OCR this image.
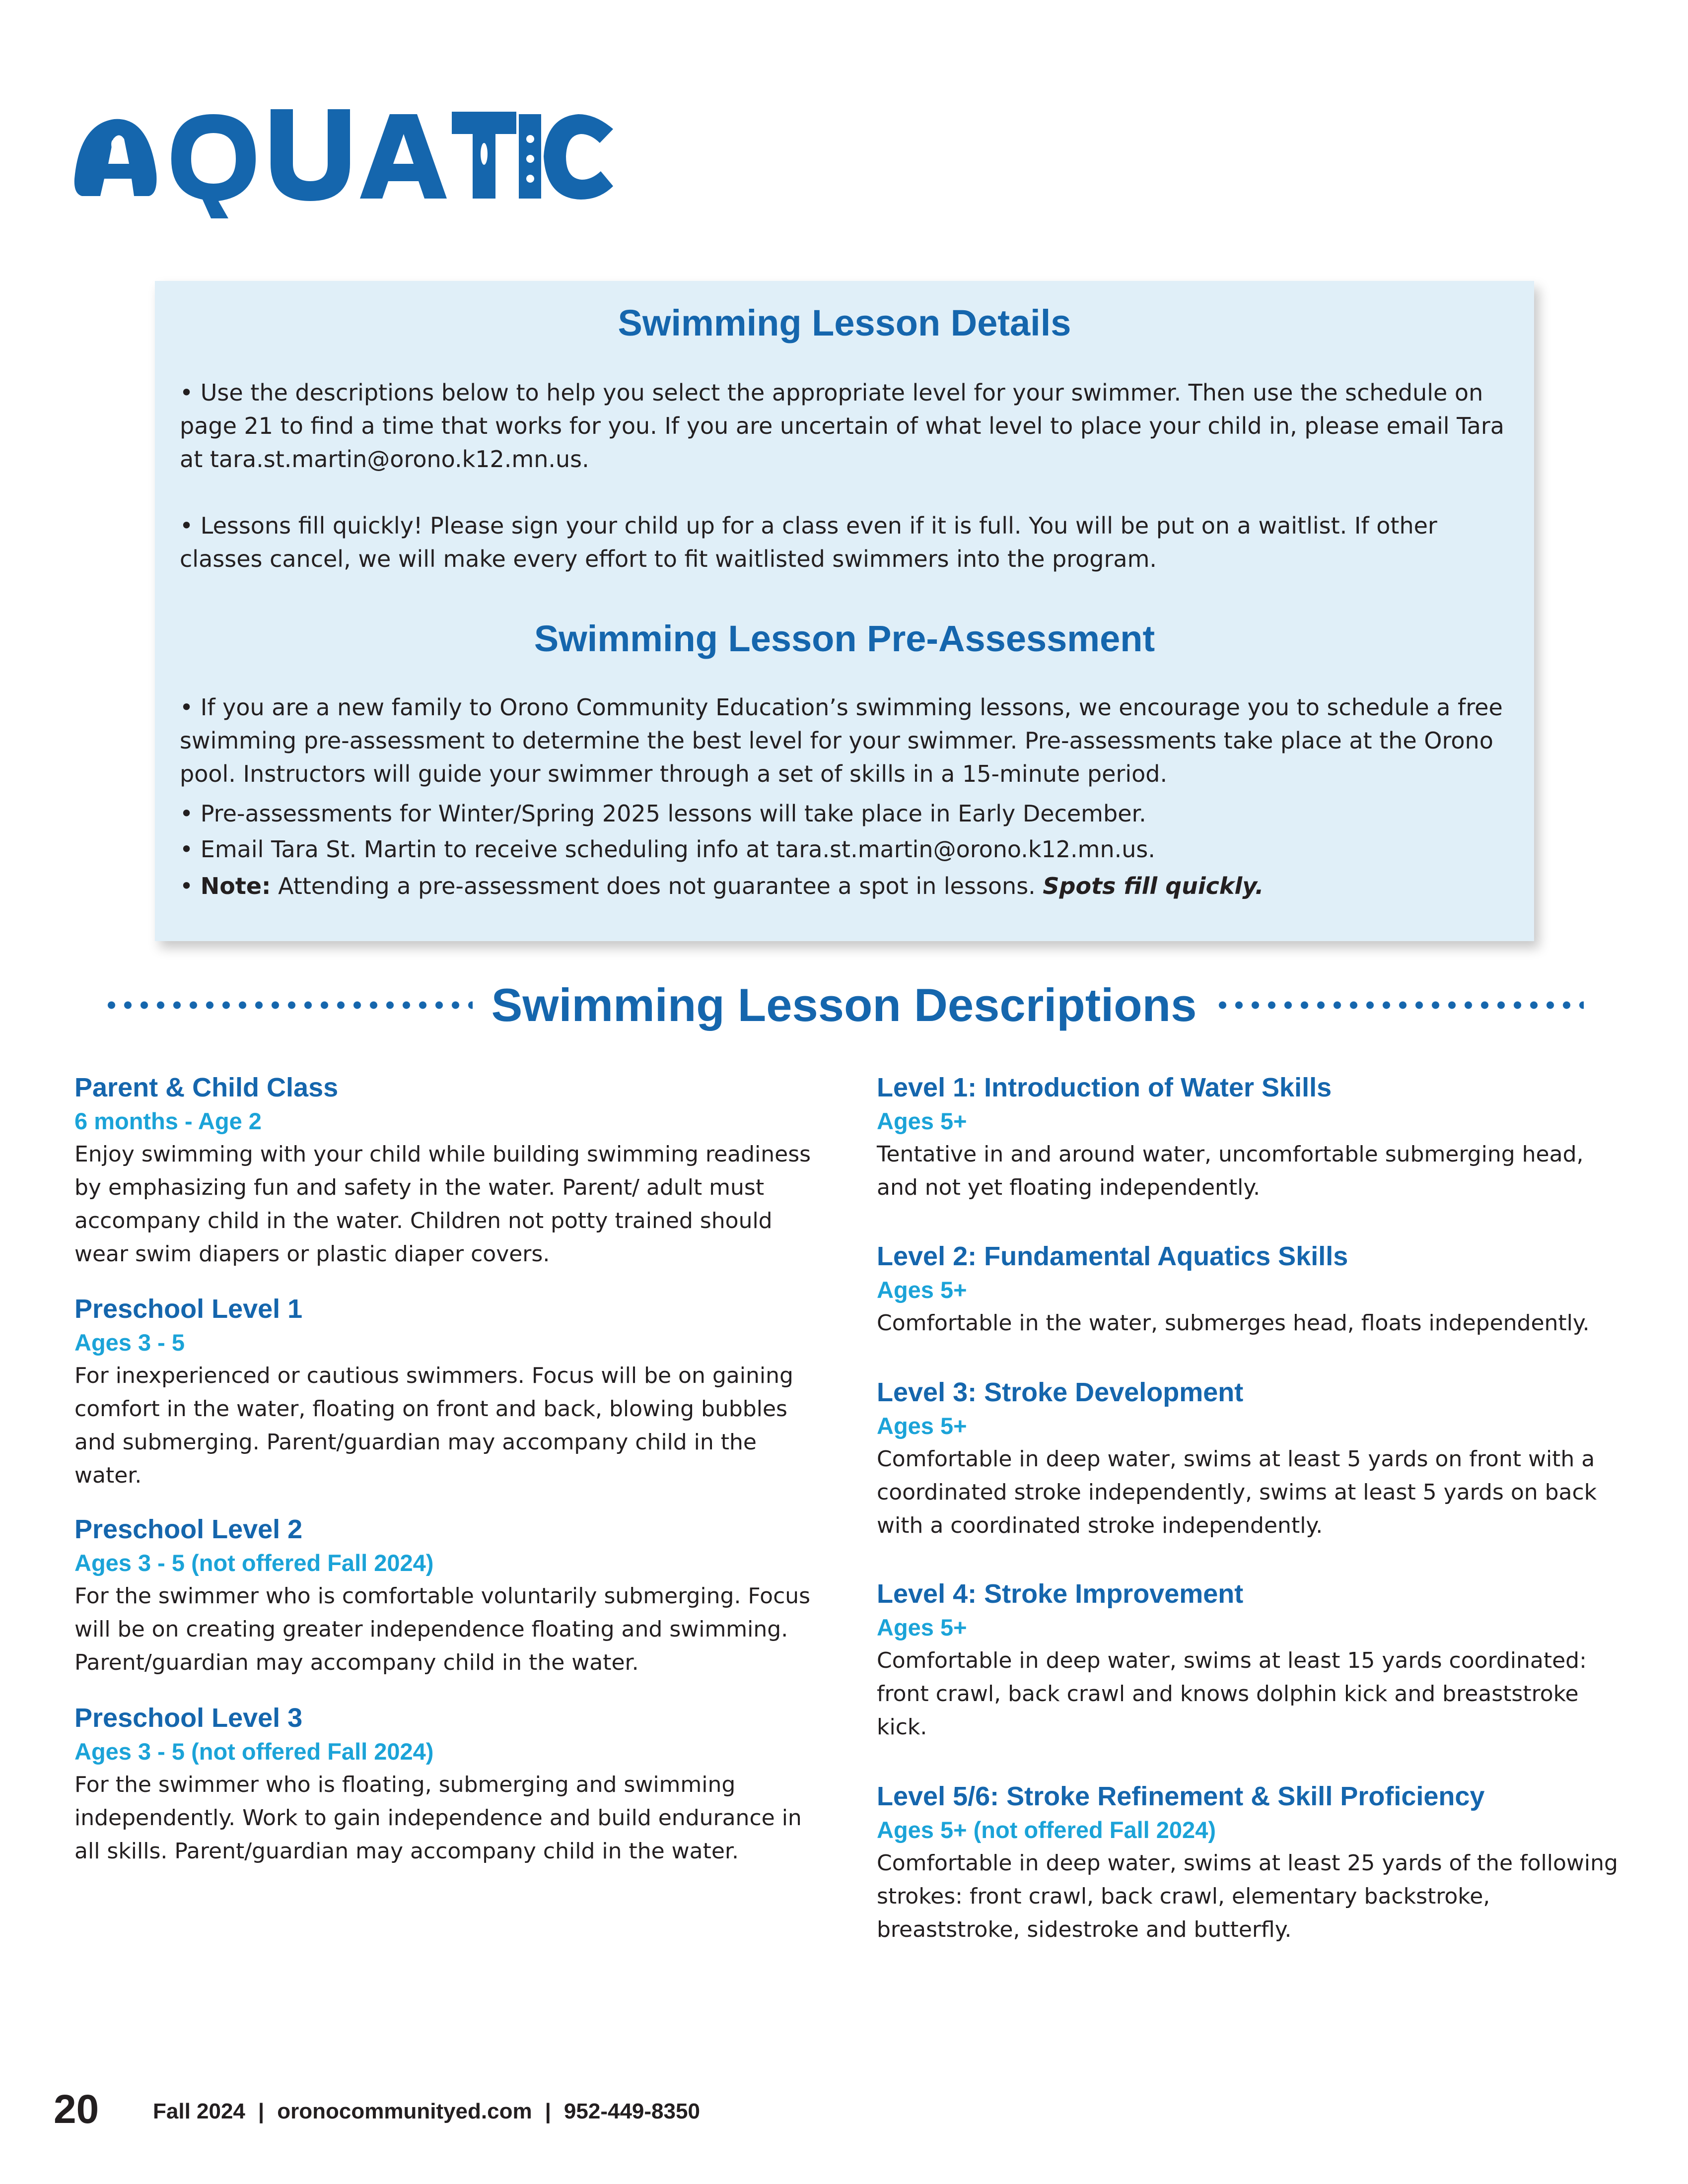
AQUATICS
Swimming Lesson Details

• Use the descriptions below to help you select the appropriate level for your swimmer. Then use the schedule on page 21 to find a time that works for you. If you are uncertain of what level to place your child in, please email Tara at tara.st.martin@orono.k12.mn.us.

• Lessons fill quickly! Please sign your child up for a class even if it is full. You will be put on a waitlist. If other classes cancel, we will make every effort to fit waitlisted swimmers into the program.

Swimming Lesson Pre-Assessment

• If you are a new family to Orono Community Education’s swimming lessons, we encourage you to schedule a free swimming pre-assessment to determine the best level for your swimmer. Pre-assessments take place at the Orono pool. Instructors will guide your swimmer through a set of skills in a 15-minute period.

• Pre-assessments for Winter/Spring 2025 lessons will take place in Early December.

• Email Tara St. Martin to receive scheduling info at tara.st.martin@orono.k12.mn.us.

• Note: Attending a pre-assessment does not guarantee a spot in lessons. Spots fill quickly.

Swimming Lesson Descriptions
Parent & Child Class
6 months - Age 2
Enjoy swimming with your child while building swimming readiness by emphasizing fun and safety in the water. Parent/ adult must accompany child in the water. Children not potty trained should wear swim diapers or plastic diaper covers.
Preschool Level 1
Ages 3 - 5
For inexperienced or cautious swimmers. Focus will be on gaining comfort in the water, floating on front and back, blowing bubbles and submerging. Parent/guardian may accompany child in the water.
Preschool Level 2
Ages 3 - 5 (not offered Fall 2024)
For the swimmer who is comfortable voluntarily submerging. Focus will be on creating greater independence floating and swimming. Parent/guardian may accompany child in the water.
Preschool Level 3
Ages 3 - 5 (not offered Fall 2024)
For the swimmer who is floating, submerging and swimming independently. Work to gain independence and build endurance in all skills. Parent/guardian may accompany child in the water.
Level 1: Introduction of Water Skills
Ages 5+
Tentative in and around water, uncomfortable submerging head, and not yet floating independently.
Level 2: Fundamental Aquatics Skills
Ages 5+
Comfortable in the water, submerges head, floats independently.
Level 3: Stroke Development
Ages 5+
Comfortable in deep water, swims at least 5 yards on front with a coordinated stroke independently, swims at least 5 yards on back with a coordinated stroke independently.
Level 4: Stroke Improvement
Ages 5+
Comfortable in deep water, swims at least 15 yards coordinated: front crawl, back crawl and knows dolphin kick and breaststroke kick.
Level 5/6: Stroke Refinement & Skill Proficiency
Ages 5+ (not offered Fall 2024)
Comfortable in deep water, swims at least 25 yards of the following strokes: front crawl, back crawl, elementary backstroke, breaststroke, sidestroke and butterfly.
20 Fall 2024 | oronocommunityed.com | 952-449-8350
